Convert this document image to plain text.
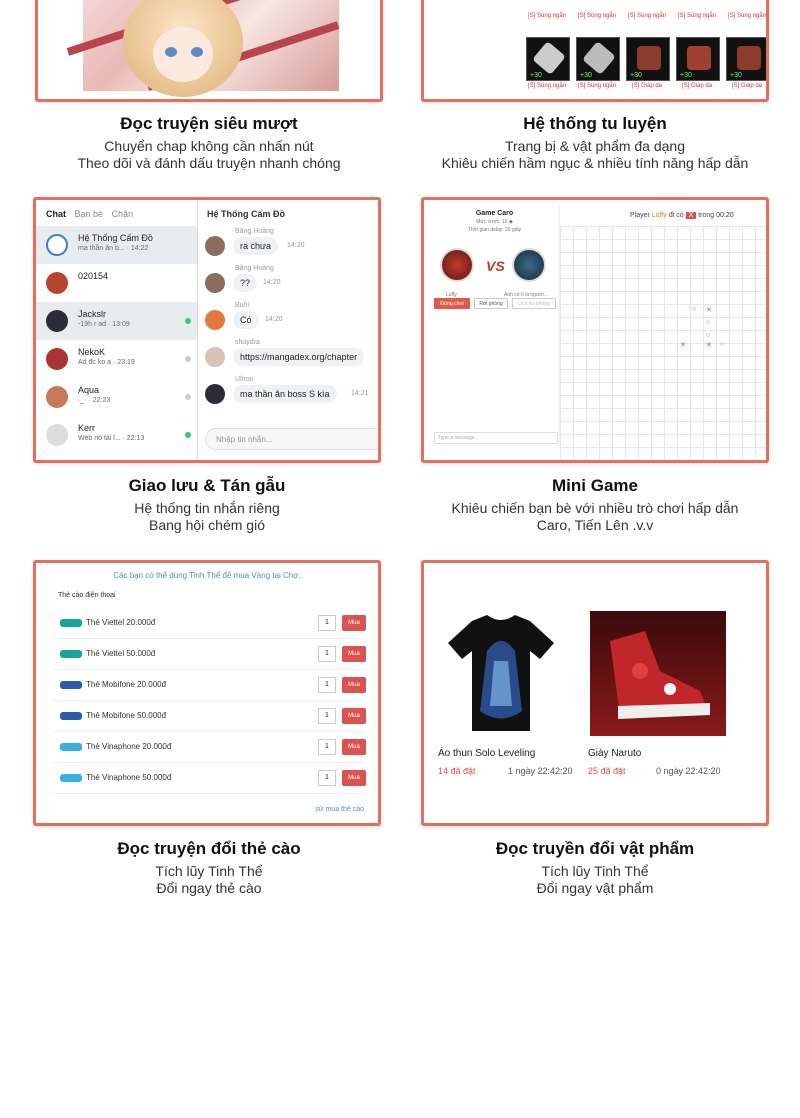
Đọc truyện siêu mượt
Chuyển chap không cần nhấn nút
Theo dõi và đánh dấu truyện nhanh chóng
[S] Súng ngắn	[S] Súng ngắn	[S] Súng ngắn	[S] Súng ngắn	[S] Súng ngắn
+30	+30	+30	+30	+30
[S] Súng ngắn	[S] Súng ngắn	[S] Giáp da	[S] Giáp da	[S] Giáp da
Hệ thống tu luyện
Trang bị & vật phẩm đa dạng
Khiêu chiến hầm ngục & nhiều tính năng hấp dẫn
Chat Bạn bè Chặn
Hệ Thống Cấm Đồ
ma thần ăn b... · 14:22
020154
Jackslr
-19h r ad · 13:09
NekoK
Ad đc ko a · 23:19
Aqua
·_· · 22:23
Kerr
Web nó tải l... · 22:13
Hệ Thống Cấm Đồ
Băng Hoàng
ra chưa	14:20
Băng Hoàng
??	14:20
Buồi
Có	14:20
shuydra
https://mangadex.org/chapter
Ultron
ma thần ăn boss S kìa	14:21
Nhập tin nhắn...
Giao lưu & Tán gẫu
Hệ thống tin nhắn riêng
Bang hội chém gió
Game Caro
Mức cược: 10 ◆
Thời gian delay: 20 giây
VS
Luffy	Anh có tí là người...
Đứng chơi	Rời phòng	Lịch sử phòng
Type a message...
Player Luffy đi có X trong 00:20
○ ✕
○
○
✕	✕ ○
Mini Game
Khiêu chiến bạn bè với nhiều trò chơi hấp dẫn
Caro, Tiến Lên .v.v
Các bạn có thể dùng Tinh Thể để mua Vàng tại Chợ.
Thẻ cào điện thoại
Thẻ Viettel 20.000đ	1	Mua
Thẻ Viettel 50.000đ	1	Mua
Thẻ Mobifone 20.000đ	1	Mua
Thẻ Mobifone 50.000đ	1	Mua
Thẻ Vinaphone 20.000đ	1	Mua
Thẻ Vinaphone 50.000đ	1	Mua
sử mua thẻ cào
Đọc truyện đổi thẻ cào
Tích lũy Tinh Thể
Đổi ngay thẻ cào
Áo thun Solo Leveling
14 đã đặt	1 ngày 22:42:20
Giày Naruto
25 đã đặt	0 ngày 22:42:20
Đọc truyền đổi vật phẩm
Tích lũy Tinh Thể
Đổi ngay vật phẩm
